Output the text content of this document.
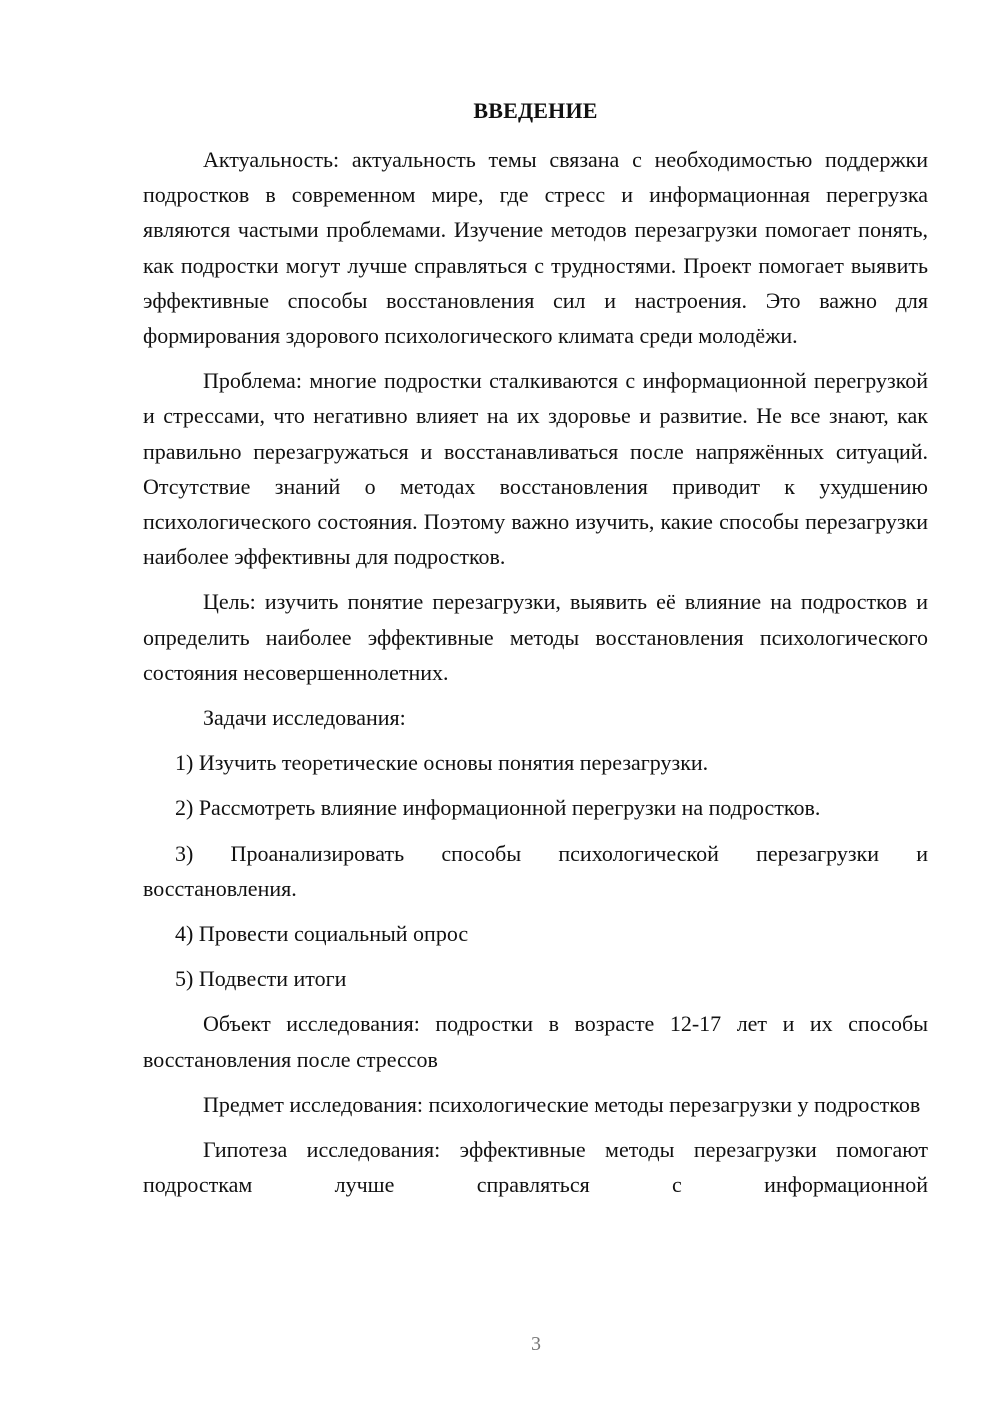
ВВЕДЕНИЕ

Актуальность: актуальность темы связана с необходимостью поддержки подростков в современном мире, где стресс и информационная перегрузка являются частыми проблемами. Изучение методов перезагрузки помогает понять, как подростки могут лучше справляться с трудностями. Проект помогает выявить эффективные способы восстановления сил и настроения. Это важно для формирования здорового психологического климата среди молодёжи.

Проблема: многие подростки сталкиваются с информационной перегрузкой и стрессами, что негативно влияет на их здоровье и развитие. Не все знают, как правильно перезагружаться и восстанавливаться после напряжённых ситуаций. Отсутствие знаний о методах восстановления приводит к ухудшению психологического состояния. Поэтому важно изучить, какие способы перезагрузки наиболее эффективны для подростков.

Цель: изучить понятие перезагрузки, выявить её влияние на подростков и определить наиболее эффективные методы восстановления психологического состояния несовершеннолетних.

Задачи исследования:

1) Изучить теоретические основы понятия перезагрузки.

2) Рассмотреть влияние информационной перегрузки на подростков.

3) Проанализировать способы психологической перезагрузки и восстановления.

4) Провести социальный опрос

5) Подвести итоги

Объект исследования: подростки в возрасте 12-17 лет и их способы восстановления после стрессов

Предмет исследования: психологические методы перезагрузки у подростков

Гипотеза исследования: эффективные методы перезагрузки помогают подросткам лучше справляться с информационной

3
